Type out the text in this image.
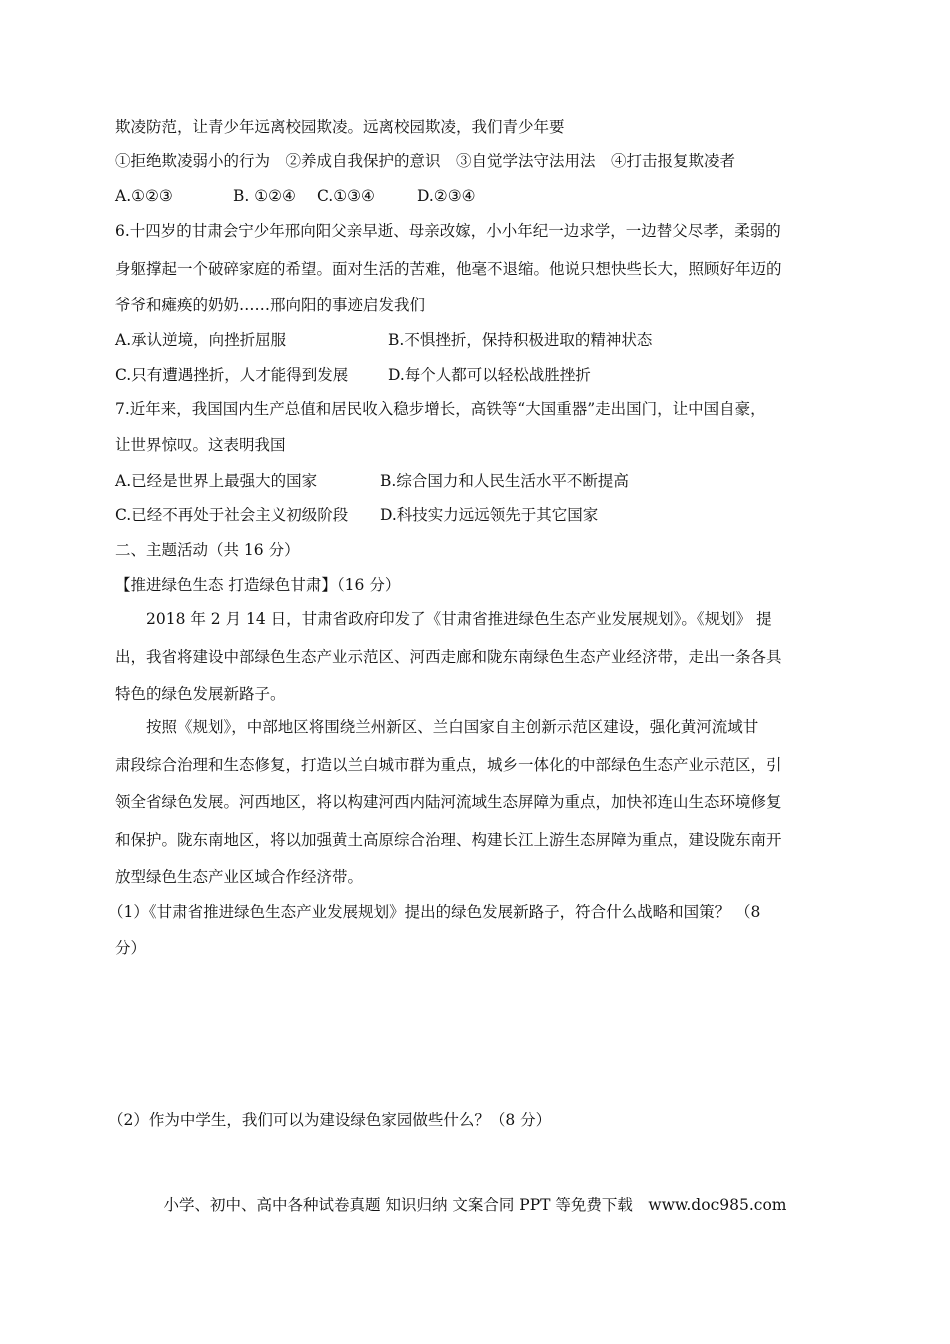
欺凌防范，让青少年远离校园欺凌。远离校园欺凌，我们青少年要
①拒绝欺凌弱小的行为　②养成自我保护的意识　③自觉学法守法用法　④打击报复欺凌者
A.①②③	B. ①②④ C.①③④	D.②③④
6.十四岁的甘肃会宁少年邢向阳父亲早逝、母亲改嫁，小小年纪一边求学，一边替父尽孝，柔弱的
身躯撑起一个破碎家庭的希望。面对生活的苦难，他毫不退缩。他说只想快些长大，照顾好年迈的
爷爷和瘫痪的奶奶……邢向阳的事迹启发我们
A.承认逆境，向挫折屈服	B.不惧挫折，保持积极进取的精神状态
C.只有遭遇挫折，人才能得到发展	D.每个人都可以轻松战胜挫折
7.近年来，我国国内生产总值和居民收入稳步增长，高铁等“大国重器”走出国门，让中国自豪，
让世界惊叹。这表明我国
A.已经是世界上最强大的国家	B.综合国力和人民生活水平不断提高
C.已经不再处于社会主义初级阶段 D.科技实力远远领先于其它国家
二、主题活动（共 16 分）
【推进绿色生态 打造绿色甘肃】（16 分）
　　2018 年 2 月 14 日，甘肃省政府印发了《甘肃省推进绿色生态产业发展规划》。《规划》 提
出，我省将建设中部绿色生态产业示范区、河西走廊和陇东南绿色生态产业经济带，走出一条各具
特色的绿色发展新路子。
　　按照《规划》，中部地区将围绕兰州新区、兰白国家自主创新示范区建设，强化黄河流域甘
肃段综合治理和生态修复，打造以兰白城市群为重点，城乡一体化的中部绿色生态产业示范区，引
领全省绿色发展。河西地区，将以构建河西内陆河流域生态屏障为重点，加快祁连山生态环境修复
和保护。陇东南地区，将以加强黄土高原综合治理、构建长江上游生态屏障为重点，建设陇东南开
放型绿色生态产业区域合作经济带。
（1）《甘肃省推进绿色生态产业发展规划》提出的绿色发展新路子，符合什么战略和国策？ （8
分）
（2）作为中学生，我们可以为建设绿色家园做些什么？（8 分）
小学、初中、高中各种试卷真题 知识归纳 文案合同 PPT 等免费下载　www.doc985.com
